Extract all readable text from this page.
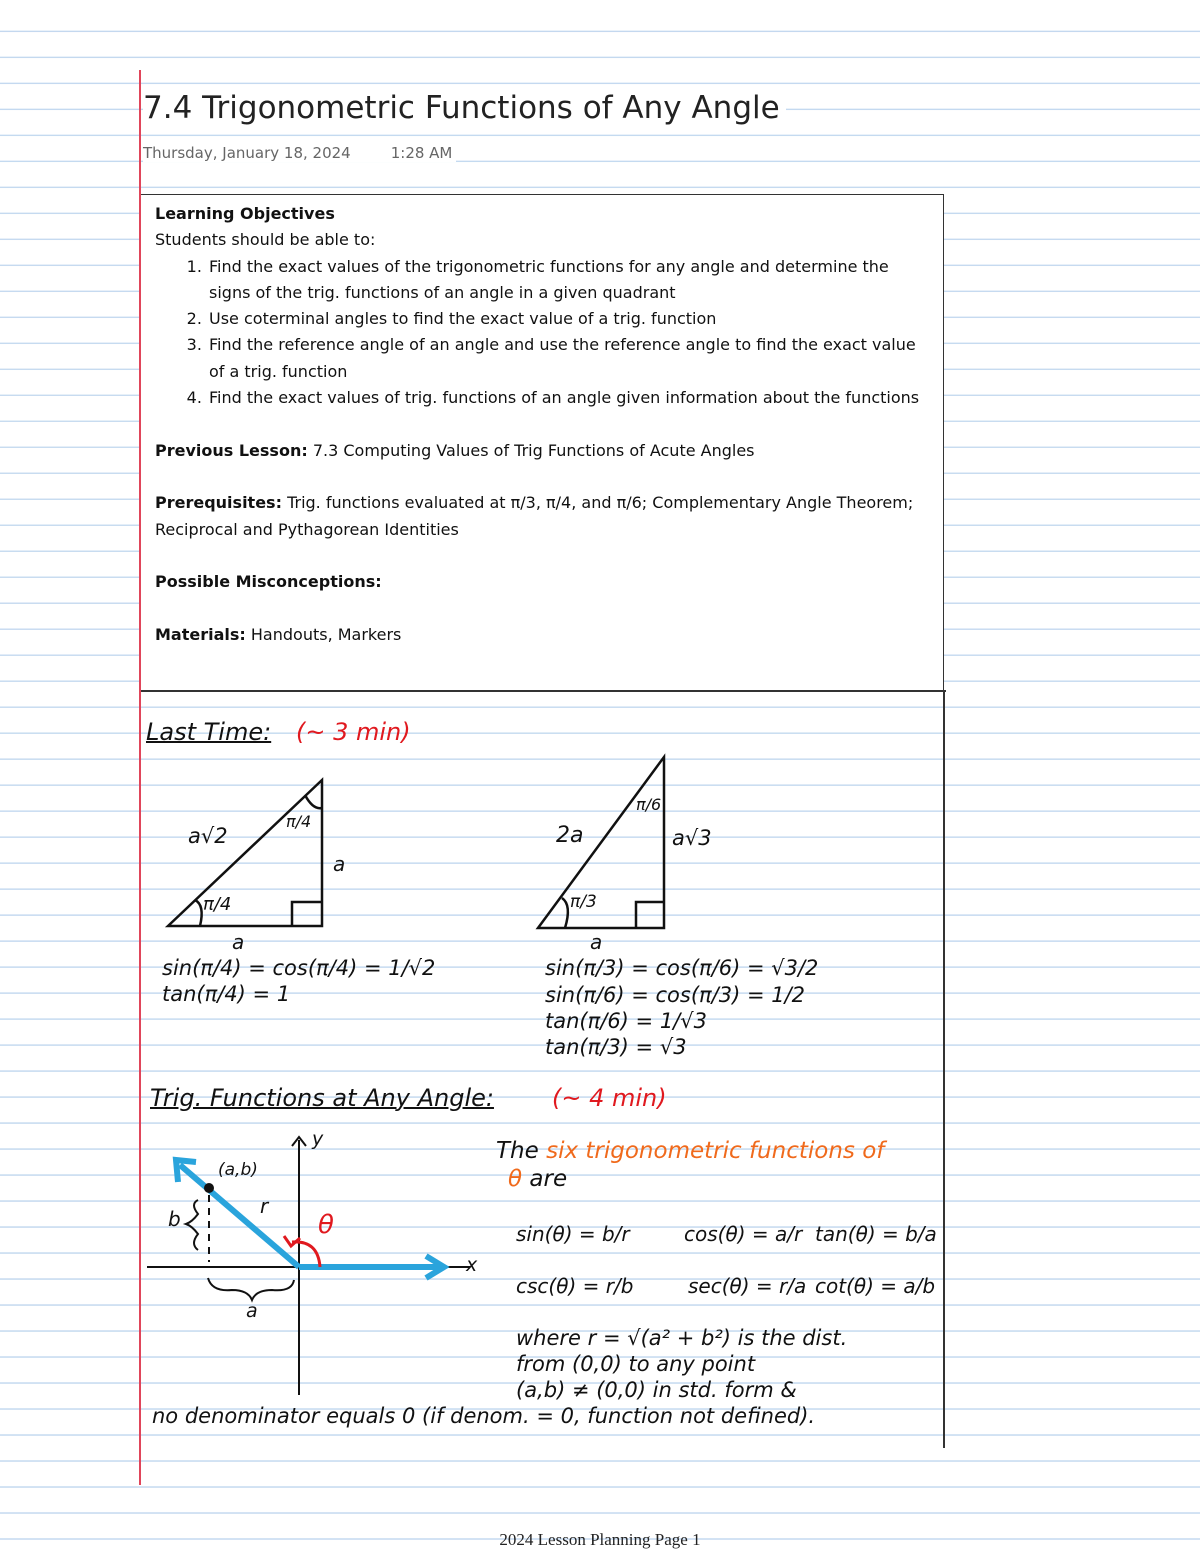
7.4 Trigonometric Functions of Any Angle
Thursday, January 18, 2024	1:28 AM
Learning Objectives
Students should be able to:
1. Find the exact values of the trigonometric functions for any angle and determine the signs of the trig. functions of an angle in a given quadrant
2. Use coterminal angles to find the exact value of a trig. function
3. Find the reference angle of an angle and use the reference angle to find the exact value of a trig. function
4. Find the exact values of trig. functions of an angle given information about the functions
Previous Lesson: 7.3 Computing Values of Trig Functions of Acute Angles
Prerequisites: Trig. functions evaluated at π/3, π/4, and π/6; Complementary Angle Theorem; Reciprocal and Pythagorean Identities
Possible Misconceptions:
Materials: Handouts, Markers
Last Time: (~ 3 min)
a√2
π/4
a
π/4
a
2a
π/6
a√3
π/3
a
sin(π/4) = cos(π/4) = 1/√2
tan(π/4) = 1
sin(π/3) = cos(π/6) = √3/2
sin(π/6) = cos(π/3) = 1/2
tan(π/6) = 1/√3
tan(π/3) = √3
Trig. Functions at Any Angle: (~ 4 min)
y
x
(a,b)
r
θ
b
a
The six trigonometric functions of
θ are
sin(θ) = b/r	cos(θ) = a/r tan(θ) = b/a
csc(θ) = r/b	sec(θ) = r/a cot(θ) = a/b
where r = √(a² + b²) is the dist.
from (0,0) to any point
(a,b) ≠ (0,0) in std. form &
no denominator equals 0 (if denom. = 0, function not defined).
2024 Lesson Planning Page 1
